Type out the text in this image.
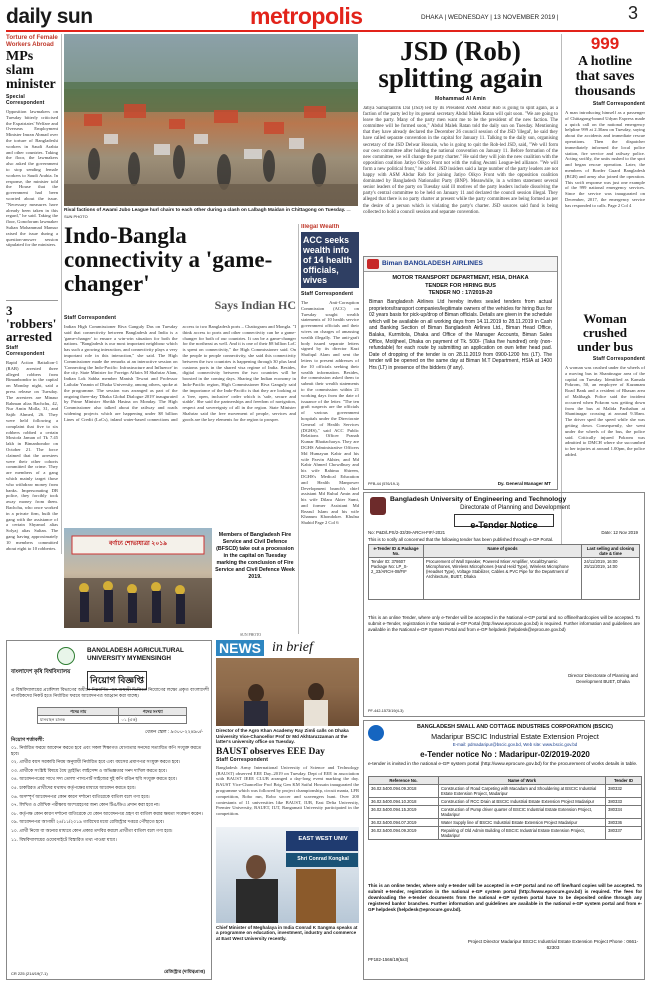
daily sun	metropolis	DHAKA | WEDNESDAY | 13 NOVEMBER 2019 |	3
Torture of Female Workers Abroad
MPs slam minister
Special Correspondent
Opposition lawmakers on Tuesday bitterly criticised the Expatriates' Welfare and Overseas Employment Minister Imran Ahmad over the torture of Bangladeshi workers in Saudi Arabia and other countries. Taking the floor, the lawmakers also asked the government to stop sending female workers to Saudi Arabia. In response, the minister told the House that the government had been worried about the issue. "Necessary measures have already been taken in this regard," he said. Taking the floor, Gonoforum lawmaker Sultan Mohammad Mansur raised the issue during a question-answer session stipulated for the ministers.
3 'robbers' arrested
Staff Correspondent
Rapid Action Battalion-1 (RAB) arrested three alleged robbers from Bimanbondor in the capital on Monday night, said a press release on Tuesday. The arrestees are Minaur Rahman alias Bachchu, 42, Nur Amin Molla, 31, and Sajib Ahmed, 26. They were held following a complaint that five to six robbers robbed a certain Mostofa Jaman of Tk 7.45 lakh in Bimanbondor on October 21. The force claimed that the arrestees were their other cohorts committed the crime. They are members of a gang which mainly target those who withdraw money from banks. Impersonating DB police, they forcibly took away money from them. Bachchu, who once worked in a private firm, built the gang with the assistance of a certain Shyamol alias Solyaj alias Sultan. The gang having approximately 10 members committed about eight to 10 robberies.
Rival factions of Awami Jubo League hurl chairs to each other during a clash on Lalbagh Maidan in Chittagong on Tuesday. — SUN PHOTO
JSD (Rob) splitting again
Mohammad Al Amin
Jatiya Samajtantrik Dal (JSD) led by its President ASM Abdur Rob is going to split again, as a faction of the party led by its general secretary Abdul Malek Ratan will quit soon. "We are going to leave the party. Many of the party men want me to be the president of the new faction. The committee will be formed soon," Abdul Malek Ratan told the daily sun on Tuesday. Mentioning that they have already declared the December 26 council session of the JSD 'illegal', he said they have called separate convention in the capital for January 11. Talking to the daily sun, organising secretary of the JSD Delwar Hossain, who is going to quit the Rob-led JSD, said, "We will form our own committee after holding the national convention on January 11. Before formation of the new committee, we will change the party charter." He said they will join the new coalition with the opposition coalition Jatiyo Oikyo Front not with the ruling Awami League-led alliance. "We will form a new political front," he added. JSD insiders said a large number of the party leaders are not happy with ASM Abdur Rob for joining Jatiyo Oikyo Front with the opposition coalition dominated by Bangladesh Nationalist Party (BNP). Meanwhile, in a written statement several senior leaders of the party on Tuesday said ill motives of the party leaders include dissolving the party's central committee to be held on January 11 and declared the council session illegal. They alleged that there is no party charter at present while the party committees are being formed as per the desire of a person which is violating the party's charter. JSD sources said fund is being collected to hold a council session and separate convention.
999
A hotline that saves thousands
Staff Correspondent
A man introducing himself as a passenger of Chittagong-bound Udyan Express made a quick call on the national emergency helpline 999 at 2.30am on Tuesday, saying about the accidents and immediate rescue operations. Then the dispatcher immediately informed the local police station, fire service and railway police. Acting swiftly, the units rushed to the spot and began rescue operation. Later, the members of Border Guard Bangladesh (BGB) and army also joined the operation. This swift response was just one example of the 999 national emergency services. Since the service was inaugurated on December, 2017, the emergency service has responded to calls. Page 2 Col 4
Woman crushed under bus
Staff Correspondent
A woman was crushed under the wheels of a moving bus in Shantinagar area of the capital on Tuesday. Identified as Kamala Pokrom, 50, an employee of Kazamam Road Bank and a resident of Bhasan area of Malibagh. Police said the incident occurred when Pokrom was getting down from the bus at Malida Paribahan at Shantinagar crossing at around 9.30am. The driver sped the speed while she was getting down. Consequently, she went under the wheels of the bus, the police said. Critically injured Pokrom was admitted to DMCH where she succumbed to her injuries at around 1.00pm, the police added.
Indo-Bangla connectivity a 'game-changer'
Says Indian HC
Staff Correspondent
Indian High Commissioner Riva Ganguly Das on Tuesday said that connectivity between Bangladesh and India is a 'game-changer' to ensure a win-win situation for both the nations. "Bangladesh is our most important neighbour which has such a growing interaction, and connectivity plays a very important role in this interaction," she said. The High Commissioner made the remarks at an interactive session on 'Connecting the Indo-Pacific: Infrastructure and Influence' in the city. State Minister for Foreign Affairs M Shahriar Alam, Indian Lok Sabha member Manish Tewari and Professor Lailufar Yasmin of Dhaka University, among others, spoke at the programme. The session was arranged as part of the ongoing three-day 'Dhaka Global Dialogue 2019' inaugurated by Prime Minister Sheikh Hasina on Monday. The High Commissioner also talked about the railway and roads widening projects which are happening under $8 billion Lines of Credit (LoCs), inland water-based connections and access to two Bangladesh ports – Chattogram and Mongla. "I think access to ports and other connectivity can be a game-changer for both of our countries. It can be a game-changer for the northeast as well. And it is one of their $8 billion LoC is spent on connectivity," the High Commissioner said. On the people to people connectivity, she said this connectivity between the two countries is happening through 30 plus land customs ports in the shared visa regime of India. Besides, digital connectivity between the two countries will be boosted in the coming days. Sharing the Indian economy in Indo-Pacific region, High Commissioner Riva Ganguly said the importance of the Indo-Pacific is that they are looking at a 'free, open, inclusive' order which is 'safe, secure and stable'. She said the partnerships and freedom of navigation, respect and sovereignty of all in the region. State Minister Shahriar said the free movement of people, services and goods are the key elements for the region to prosper.
বর্ণাঢ্য শোভাযাত্রা ২০১৯
Members of Bangladesh Fire Service and Civil Defence (BFSCD) take out a procession in the capital on Tuesday marking the conclusion of Fire Service and Civil Defence Week 2019.
SUN PHOTO
Illegal Wealth
ACC seeks wealth info of 14 health officials, wives
Staff Correspondent
The Anti-Corruption Commission (ACC) on Tuesday sought wealth statements of 10 health service government officials and their wives on charges of amassing wealth illegally. The anti-graft body issued separate letters signed by its director Kazi Shafiqul Alam and sent the letters to present addresses of the 10 officials seeking their wealth information. Besides, the commission asked them to submit their wealth statements to the commission within 21 working days from the date of issuance of the letter. "The ten graft suspects are the officials of various government hospitals under the Directorate General of Health Services (DGHS)," said ACC Public Relations Officer Pranab Kumar Bhattacharya. They are DGHS Administrative Officers Md Humayun Kabir and his wife Parvin Akhter, and Md Kabir Ahmed Chowdhury and his wife Rahima Shireen, DGHS's Medical Education and Health Manpower Development branch's chief assistant Md Ruhul Amin and his wife Dilara Akter Sumi, and former Assistant Md Rezaul Islam and his wife Khanum Khondoker. Khulna Shahid Page 2 Col 6
Biman BANGLADESH AIRLINES
MOTOR TRANSPORT DEPARTMENT, HSIA, DHAKA
TENDER FOR HIRING BUS
TENDER NO : 17/2019-20
Biman Bangladesh Airlines Ltd hereby invites sealed tenders from actual proprietors/transport companies/legitimate owners of the vehicles for hiring Bus for 02 years basis for pick-up/drop of Biman officials. Details are given in the schedule which will be available on all working days from 14.11.2019 to 28.11.2019 in Cash and Banking Section of Biman Bangladesh Airlines Ltd., Biman Head Office, Balaka, Kurmitola, Dhaka and Office of the Manager Accounts, Biman Sales Office, Motijheel, Dhaka on payment of Tk. 500/- (Taka five hundred) only (non-refundable) for each route by submitting an application on own letter head pad. Date of dropping of the tender is on 28.11.2019 from 0900-1200 hrs (LT). The tender will be opened on the same day at Biman M.T Department, HSIA at 1400 Hrs (LT) in presence of the bidders (if any).
PFB-44 (576/19-1)	Dy. General Manager MT
Bangladesh University of Engineering and Technology
Directorate of Planning and Development
e-Tender Notice
No: P&D/LPS/2-33/39-ARCH-FIF/-2021	Date: 12 Nov 2019
This is to notify all concerned that the following tender has been published through e-GP Portal.
e-Tender ID & Package No.	Name of goods	Last selling and closing date & time
Tender ID: 378607 Package No: LP_S-2_33/ARCH-08/FIF	Procurement of Wall Speaker, Powered Mixer Amplifier, Vocal/Dynamic Microphones, Wireless Microphones (Hand Held Type), Wireless Microphone (Headset Type), Voltage Stabilizer, Cables & PVC Pipe for the Department of Architecture, BUET, Dhaka	24/11/2019, 16:00 25/11/2019, 14:00
This is an online Tender, where only e-Tender will be accepted in the National e-GP portal and no offline/hardcopies will be accepted. To submit e-Tender, registration in the National e-GP Portal (http://www.eprocure.gov.bd) is required. Further information and guidelines are available in the National e-GP System Portal and from e-GP helpdesk (helpdesk@eprocure.gov.bd)
Director Directorate of Planning and Development BUET, Dhaka
PF-442-1573/19(4-3)
NEWS in brief
Director of the Agro Khan Academy Ray Zimli calls on Dhaka University Vice-Chancellor Prof Dr Md Akhtaruzzaman at the latter's university office on Tuesday.
BAUST observes EEE Day
Staff Correspondent
Bangladesh Army International University of Science and Technology (BAUST) observed EEE Day–2019 on Tuesday. Dept of EEE in association with BAUST IEEE CLUB arranged a day-long event marking the day. BAUST Vice-Chancellor Prof Brig Gen KM Saiful Hossain inaugurated the programme which was followed by project championship, circuit mania, LFR competition, Robo run, Robo soccer and scavengers hunt. Over 200 contestants of 11 universities like BAUST, IUB, East Delta University, Premier University, BAUET, IUT, Rangamati University participated in the competition.
EAST WEST UNIV
Shri Conrad Kongkal
Chief Minister of Meghalaya in India Conrad K Sangma speaks at a programme on education, investment, industry and commerce at East West University recently.
বাংলাদেশ কৃষি বিশ্ববিদ্যালয়
BANGLADESH AGRICULTURAL UNIVERSITY MYMENSINGH
নিয়োগ বিজ্ঞপ্তি
এ বিশ্ববিদ্যালয়ের প্রকৌশল বিভাগের অধীনে নিম্নবর্ণিত পদে অস্থায়ী ভিত্তিতে নিয়োগের লক্ষ্যে প্রকৃত বাংলাদেশী নাগরিকদের নিকট হতে নির্ধারিত ফরমে আবেদনপত্র আহ্বান করা যাচ্ছে।
পদের নাম	পদের সংখ্যা
যানবাহন চালক	০১ (এক)
বেতন স্কেল : ৯৩০০-২২৪৯০/-
নিয়োগ শর্তাবলী:
০১. নির্ধারিত ফরমে আবেদন করতে হবে এবং সকল শিক্ষাগত যোগ্যতার সনদের সত্যায়িত কপি সংযুক্ত করতে হবে।
০২. প্রার্থীর বয়স সরকারি নিয়ম অনুযায়ী নির্ধারিত হবে এবং বয়সের প্রমাণপত্র সংযুক্ত করতে হবে।
০৩. প্রার্থীকে সংশ্লিষ্ট বিষয়ে বৈধ ড্রাইভিং লাইসেন্স ও অভিজ্ঞতার সনদ দাখিল করতে হবে।
০৪. আবেদনপত্রের সাথে সদ্য তোলা পাসপোর্ট সাইজের দুই কপি রঙিন ছবি সংযুক্ত করতে হবে।
০৫. চাকরিরত প্রার্থীদের যথাযথ কর্তৃপক্ষের মাধ্যমে আবেদন করতে হবে।
০৬. অসম্পূর্ণ আবেদনপত্র কোন কারণ দর্শানো ব্যতিরেকে বাতিল বলে গণ্য হবে।
০৭. লিখিত ও মৌখিক পরীক্ষায় অংশগ্রহণের জন্য কোন টিএ/ডিএ প্রদান করা হবে না।
০৮. কর্তৃপক্ষ কোন কারণ দর্শানো ব্যতিরেকে যে কোন আবেদনপত্র গ্রহণ বা বাতিল করার ক্ষমতা সংরক্ষণ করেন।
০৯. আবেদনপত্র আগামী ২৪/১১/২০১৯ তারিখের মধ্যে রেজিস্ট্রার দপ্তরে পৌঁছাতে হবে।
১০. প্রার্থী নিজে বা অন্যের মাধ্যমে কোন প্রকার তদবির করলে প্রার্থীতা বাতিল বলে গণ্য হবে।
১১. বিশ্ববিদ্যালয়ের ওয়েবসাইটে বিস্তারিত তথ্য পাওয়া যাবে।
CR 225 (214/19(7-1)	রেজিস্ট্রার (দায়িত্বপ্রাপ্ত)
BANGLADESH SMALL AND COTTAGE INDUSTRIES CORPORATION (BSCIC)
Madaripur BSCIC Industrial Estate Extension Project
E-mail: pdmadaripur@bscic.gov.bd, Web site: www.bscic.gov.bd
e-Tender notice No : Madaripur-02/2019-2020
e-tender is invited in the national e-GP system portal (http://www.eprocure.gov.bd) for the procurement of works details in table.
Reference No.	Name of Work	Tender ID
36.02.5400.094.09.2018	Construction of Road Carpeting with Macadam and Shouldering at BSCIC Industrial Estate Extension Project, Madaripur	380332
36.02.5400.094.10.2018	Construction of RCC Drain at BSCIC Industrial Estate Extension Project Madaripur	380333
36.02.5400.094.15.2019	Construction of Pump driver quarter of BSCIC Industrial Estate Extension Project, Madaripur	380334
36.02.5400.094.07.2019	Water Supply line of BSCIC Industrial Estate Extension Project Madaripur	380336
36.02.5400.094.09.2019	Repairing of Old Admin Building of BSCIC Industrial Estate Extension Project, Madaripur	380337
This is an online tender, where only e-tender will be accepted in e-GP portal and no off line/hard copies will be accepted. To submit e-tender, registration in the national e-GP system portal (http://www.eprocure.gov.bd) is required. The fees for downloading the e-tender documents from the national e-GP system portal have to be deposited online through any registered banks' branches. Further information and guidelines are available in the national e-GP system portal and from e-GP helpdesk (helpdesk@eprocure.gov.bd).
Project Director Madaripur BSCIC Industrial Estate Extension Project Phone : 0661-62303
PF182-1566/19(5x3)
